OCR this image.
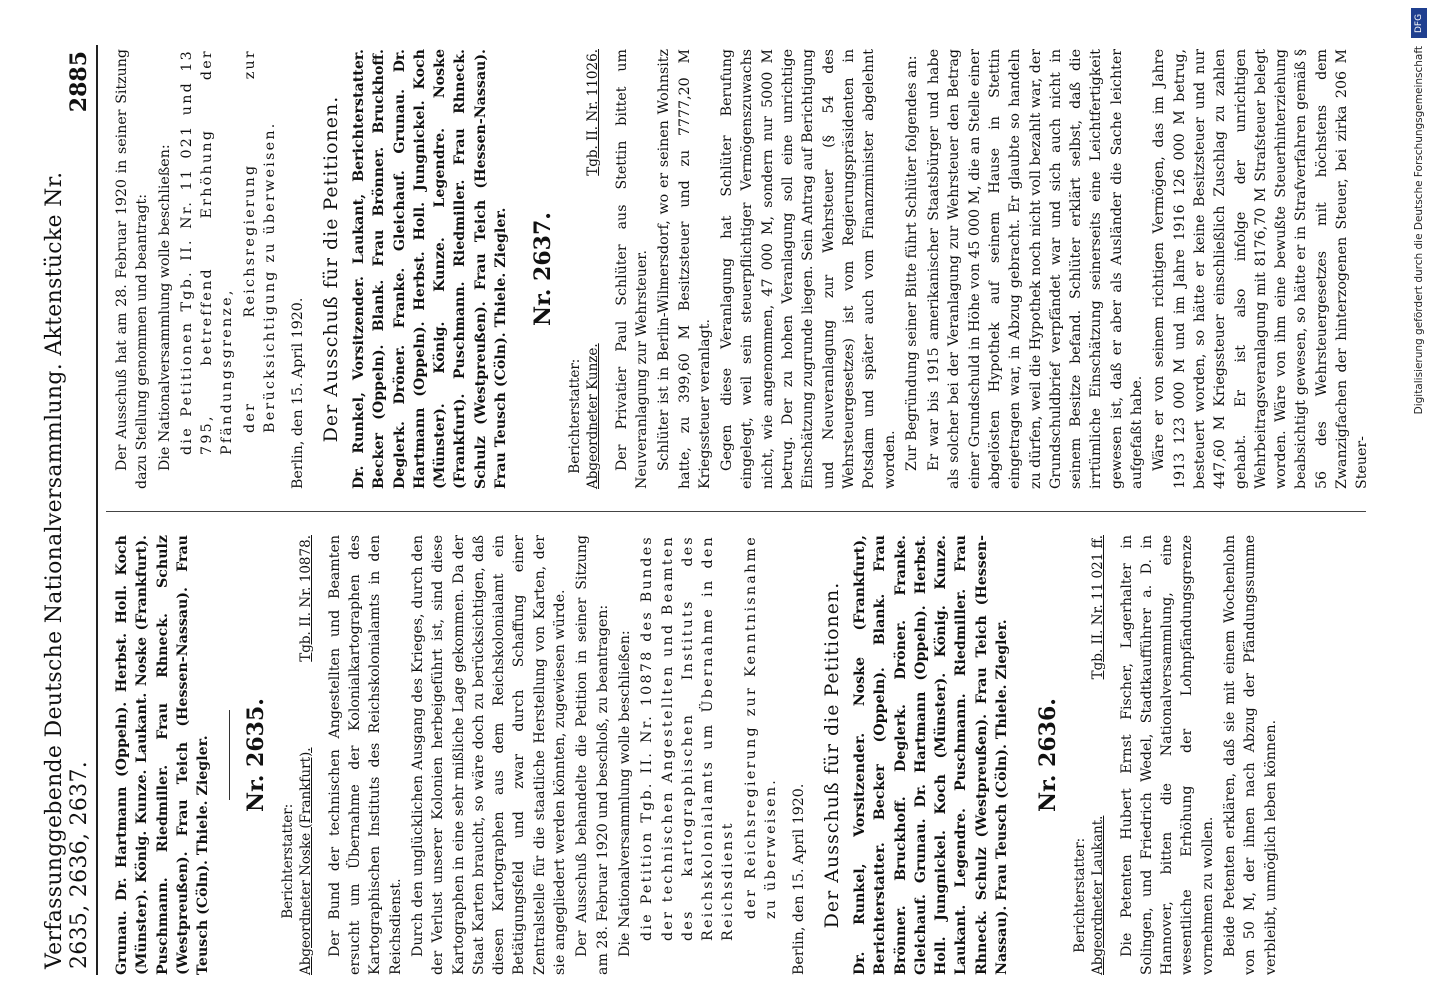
Verfassunggebende Deutsche Nationalversammlung. Aktenstücke Nr. 2635, 2636, 2637.
2885

Grunau. Dr. Hartmann (Oppeln). Herbst. Holl. Koch (Münster). König. Kunze. Laukant. Noske (Frankfurt). Puschmann. Riedmiller. Frau Rhneck. Schulz (Westpreußen). Frau Teich (Hessen-Nassau). Frau Teusch (Cöln). Thiele. Ziegler. Nr. 2635.
Berichterstatter: Abgeordneter Noske (Frankfurt).
Tgb. II. Nr. 10878. Der Bund der technischen Angestellten und Beamten ersucht um Übernahme der Kolonialkartographen des Kartographischen Instituts des Reichskolonialamts in den Reichsdienst. Durch den unglücklichen Ausgang des Krieges, durch den der Verlust unserer Kolonien herbeigeführt ist, sind diese Kartographen in eine sehr mißliche Lage gekommen. Da der Staat Karten braucht, so wäre doch zu berücksichtigen, daß diesen Kartographen aus dem Reichskolonialamt ein Betätigungsfeld und zwar durch Schaffung einer Zentralstelle für die staatliche Herstellung von Karten, der sie angegliedert werden könnten, zugewiesen würde. Der Ausschuß behandelte die Petition in seiner Sitzung am 28. Februar 1920 und beschloß, zu beantragen: Die Nationalversammlung wolle beschließen: die Petition Tgb. II. Nr. 10878 des Bundes der technischen Angestellten und Beamten des kartographischen Instituts des Reichskolonialamts um Übernahme in den Reichsdienst der Reichsregierung zur Kenntnisnahme zu überweisen. Berlin, den 15. April 1920. Der Ausschuß für die Petitionen. Dr. Runkel, Vorsitzender. Noske (Frankfurt), Berichterstatter. Becker (Oppeln). Blank. Frau Brönner. Bruckhoff. Deglerk. Dröner. Franke. Gleichauf. Grunau. Dr. Hartmann (Oppeln). Herbst. Holl. Jungnickel. Koch (Münster). König. Kunze. Laukant. Legendre. Puschmann. Riedmiller. Frau Rhneck. Schulz (Westpreußen). Frau Teich (Hessen-Nassau). Frau Teusch (Cöln). Thiele. Ziegler. Nr. 2636.
Berichterstatter: Abgeordneter Laukant.
Tgb. II. Nr. 11 021 ff. Die Petenten Hubert Ernst Fischer, Lagerhalter in Solingen, und Friedrich Wedel, Stadtkaufführer a. D. in Hannover, bitten die Nationalversammlung, eine wesentliche Erhöhung der Lohnpfändungsgrenze vornehmen zu wollen. Beide Petenten erklären, daß sie mit einem Wochenlohn von 50 M, der ihnen nach Abzug der Pfändungssumme verbleibt, unmöglich leben können.

Der Ausschuß hat am 28. Februar 1920 in seiner Sitzung dazu Stellung genommen und beantragt: Die Nationalversammlung wolle beschließen: die Petitionen Tgb. II. Nr. 11 021 und 13 795, betreffend Erhöhung der Pfändungsgrenze, der Reichsregierung zur Berücksichtigung zu überweisen. Berlin, den 15. April 1920. Der Ausschuß für die Petitionen. Dr. Runkel, Vorsitzender. Laukant, Berichterstatter. Becker (Oppeln). Blank. Frau Brönner. Bruckhoff. Deglerk. Dröner. Franke. Gleichauf. Grunau. Dr. Hartmann (Oppeln). Herbst. Holl. Jungnickel. Koch (Münster). König. Kunze. Legendre. Noske (Frankfurt). Puschmann. Riedmiller. Frau Rhneck. Schulz (Westpreußen). Frau Teich (Hessen-Nassau). Frau Teusch (Cöln). Thiele. Ziegler. Nr. 2637.
Berichterstatter: Abgeordneter Kunze.
Tgb. II. Nr. 11026. Der Privatier Paul Schlüter aus Stettin bittet um Neuveranlagung zur Wehrsteuer. Schlüter ist in Berlin-Wilmersdorf, wo er seinen Wohnsitz hatte, zu 399,60 M Besitzsteuer und zu 7777,20 M Kriegssteuer veranlagt. Gegen diese Veranlagung hat Schlüter Berufung eingelegt, weil sein steuerpflichtiger Vermögenszuwachs nicht, wie angenommen, 47 000 M, sondern nur 5000 M betrug. Der zu hohen Veranlagung soll eine unrichtige Einschätzung zugrunde liegen. Sein Antrag auf Berichtigung und Neuveranlagung zur Wehrsteuer (§ 54 des Wehrsteuergesetzes) ist vom Regierungspräsidenten in Potsdam und später auch vom Finanzminister abgelehnt worden. Zur Begründung seiner Bitte führt Schlüter folgendes an: Er war bis 1915 amerikanischer Staatsbürger und habe als solcher bei der Veranlagung zur Wehrsteuer den Betrag einer Grundschuld in Höhe von 45 000 M, die an Stelle einer abgelösten Hypothek auf seinem Hause in Stettin eingetragen war, in Abzug gebracht. Er glaubte so handeln zu dürfen, weil die Hypothek noch nicht voll bezahlt war, der Grundschuldbrief verpfändet war und sich auch nicht in seinem Besitze befand. Schlüter erklärt selbst, daß die irrtümliche Einschätzung seinerseits eine Leichtfertigkeit gewesen ist, daß er aber als Ausländer die Sache leichter aufgefaßt habe. Wäre er von seinem richtigen Vermögen, das im Jahre 1913 123 000 M und im Jahre 1916 126 000 M betrug, besteuert worden, so hätte er keine Besitzsteuer und nur 447,60 M Kriegssteuer einschließlich Zuschlag zu zahlen gehabt. Er ist also infolge der unrichtigen Wehrbeitragsveranlagung mit 8176,70 M Strafsteuer belegt worden. Wäre von ihm eine bewußte Steuerhinterziehung beabsichtigt gewesen, so hätte er in Strafverfahren gemäß § 56 des Wehrsteuergesetzes mit höchstens dem Zwanzigfachen der hinterzogenen Steuer, bei zirka 206 M Steuer-

DFG
Digitalisierung gefördert durch die Deutsche Forschungsgemeinschaft
